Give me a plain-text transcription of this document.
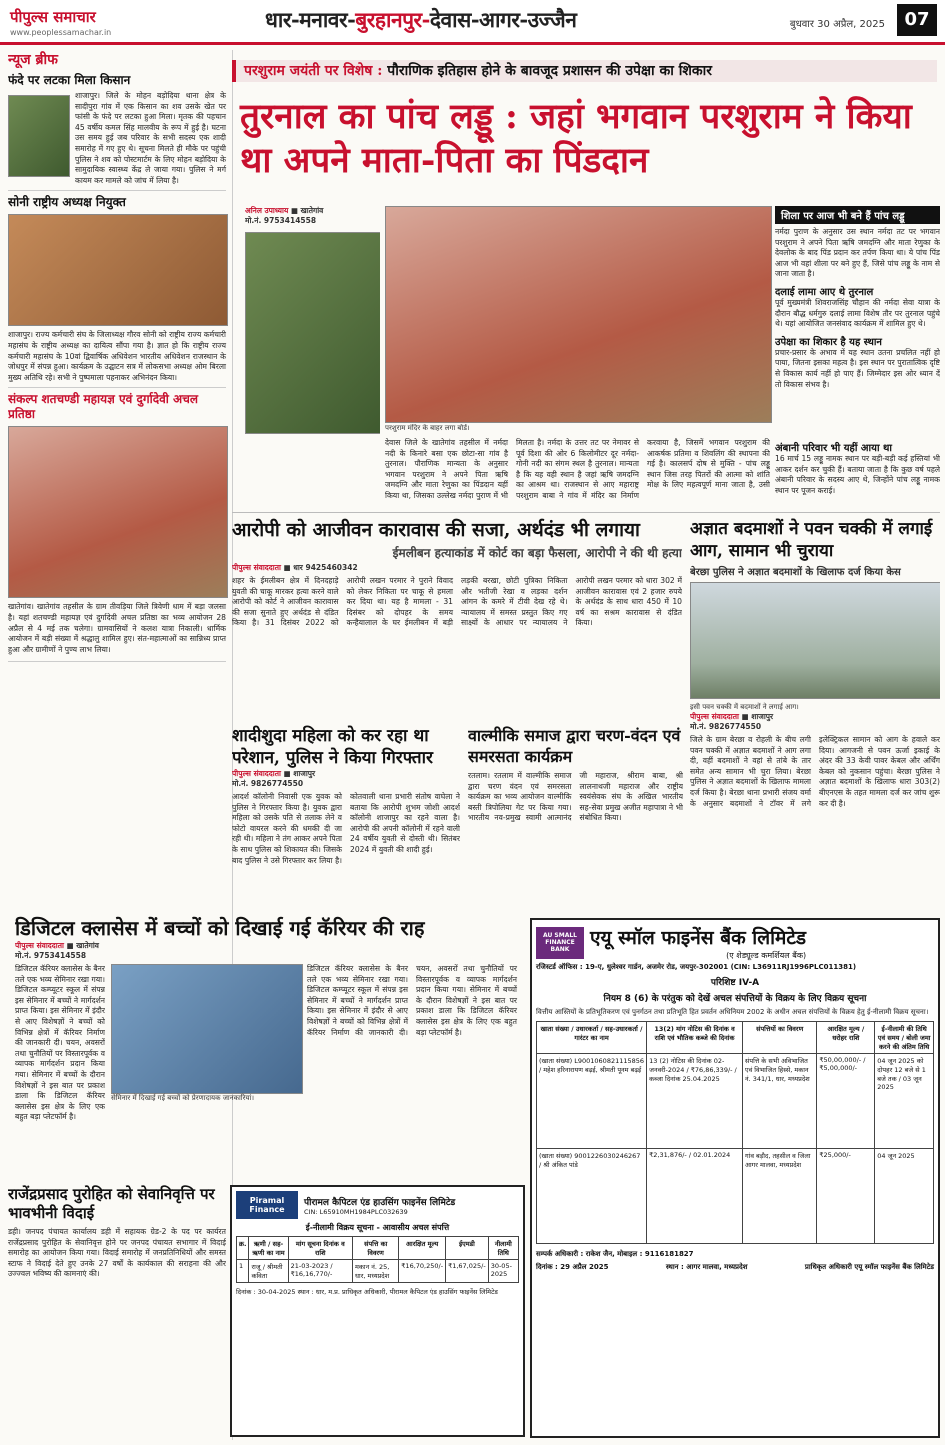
पीपुल्स समाचार
www.peoplessamachar.in
धार-मनावर-बुरहानपुर-देवास-आगर-उज्जैन	बुधवार 30 अप्रैल, 2025	07
न्यूज ब्रीफ
फंदे पर लटका मिला किसान
शाजापुर। जिले के मोहन बड़ोदिया थाना क्षेत्र के सादीपुरा गांव में एक किसान का शव उसके खेत पर फांसी के फंदे पर लटका हुआ मिला। मृतक की पहचान 45 वर्षीय कमल सिंह मालवीय के रूप में हुई है। घटना उस समय हुई जब परिवार के सभी सदस्य एक शादी समारोह में गए हुए थे। सूचना मिलते ही मौके पर पहुंची पुलिस ने शव को पोस्टमार्टम के लिए मोहन बड़ोदिया के सामुदायिक स्वास्थ्य केंद्र ले जाया गया। पुलिस ने मर्ग कायम कर मामले को जांच में लिया है।
सोनी राष्ट्रीय अध्यक्ष नियुक्त
शाजापुर। राज्य कर्मचारी संघ के जिलाध्यक्ष गौरव सोनी को राष्ट्रीय राज्य कर्मचारी महासंघ के राष्ट्रीय अध्यक्ष का दायित्व सौंपा गया है। ज्ञात हो कि राष्ट्रीय राज्य कर्मचारी महासंघ के 10वां द्विवार्षिक अधिवेशन भारतीय अधिवेशन राजस्थान के जोधपुर में संपन्न हुआ। कार्यक्रम के उद्घाटन सत्र में लोकसभा अध्यक्ष ओम बिरला मुख्य अतिथि रहे। सभी ने पुष्पमाला पहनाकर अभिनंदन किया।
संकल्प शतचण्डी महायज्ञ एवं दुर्गादेवी अचल प्रतिष्ठा
खातेगांव। खातेगांव तहसील के ग्राम तीवड़िया जिले त्रिवेणी धाम में बड़ा जलसा है। यहां शतचण्डी महायज्ञ एवं दुर्गादेवी अचल प्रतिष्ठा का भव्य आयोजन 28 अप्रैल से 4 मई तक चलेगा। ग्रामवासियों ने कलश यात्रा निकाली। धार्मिक आयोजन में बड़ी संख्या में श्रद्धालु शामिल हुए। संत-महात्माओं का सान्निध्य प्राप्त हुआ और ग्रामीणों ने पुण्य लाभ लिया।
राजेंद्रप्रसाद पुरोहित को सेवानिवृत्ति पर भावभीनी विदाई
डही। जनपद पंचायत कार्यालय डही में सहायक ग्रेड-2 के पद पर कार्यरत राजेंद्रप्रसाद पुरोहित के सेवानिवृत्त होने पर जनपद पंचायत सभागार में विदाई समारोह का आयोजन किया गया। विदाई समारोह में जनप्रतिनिधियों और समस्त स्टाफ ने विदाई देते हुए उनके 27 वर्षों के कार्यकाल की सराहना की और उज्ज्वल भविष्य की कामनाएं की।
परशुराम जयंती पर विशेष : पौराणिक इतिहास होने के बावजूद प्रशासन की उपेक्षा का शिकार
तुरनाल का पांच लड्डू : जहां भगवान परशुराम ने किया था अपने माता-पिता का पिंडदान
अनिल उपाध्याय ■ खातेगांव
मो.नं. 9753414558
परशुराम मंदिर के बाहर लगा बोर्ड।
देवास जिले के खातेगांव तहसील में नर्मदा नदी के किनारे बसा एक छोटा-सा गांव है तुरनाल। पौराणिक मान्यता के अनुसार भगवान परशुराम ने अपने पिता ऋषि जमदग्नि और माता रेणुका का पिंडदान यहीं किया था, जिसका उल्लेख नर्मदा पुराण में भी मिलता है। नर्मदा के उत्तर तट पर नेमावर से पूर्व दिशा की ओर 6 किलोमीटर दूर नर्मदा-गोनी नदी का संगम स्थल है तुरनाल। मान्यता है कि यह वही स्थान है जहां ऋषि जमदग्नि का आश्रम था। राजस्थान से आए महाराष्ट्र परशुराम बाबा ने गांव में मंदिर का निर्माण करवाया है, जिसमें भगवान परशुराम की आकर्षक प्रतिमा व शिवलिंग की स्थापना की गई है। कालसर्प दोष से मुक्ति - पांच लड्डू स्थान जिस तरह पितरों की आत्मा को शांति मोक्ष के लिए महत्वपूर्ण माना जाता है, उसी
शिला पर आज भी बने हैं पांच लड्डू
नर्मदा पुराण के अनुसार उस स्थान नर्मदा तट पर भगवान परशुराम ने अपने पिता ऋषि जमदग्नि और माता रेणुका के देवलोक के बाद पिंड प्रदान कर तर्पण किया था। ये पांच पिंड आज भी वहां शीला पर बने हुए हैं, जिसे पांच लड्डू के नाम से जाना जाता है।
दलाई लामा आए थे तुरनाल
पूर्व मुख्यमंत्री शिवराजसिंह चौहान की नर्मदा सेवा यात्रा के दौरान बौद्ध धर्मगुरु दलाई लामा विशेष तौर पर तुरनाल पहुंचे थे। यहां आयोजित जनसंवाद कार्यक्रम में शामिल हुए थे।
उपेक्षा का शिकार है यह स्थान
प्रचार-प्रसार के अभाव में यह स्थान उतना प्रचलित नहीं हो पाया, जितना इसका महत्व है। इस स्थान पर पुरातात्विक दृष्टि से विकास कार्य नहीं हो पाए हैं। जिम्मेदार इस ओर ध्यान दें तो विकास संभव है।
अंबानी परिवार भी यहीं आया था
16 मार्च 15 लड्डू नामक स्थान पर बड़ी-बड़ी कई हस्तियां भी आकर दर्शन कर चुकी हैं। बताया जाता है कि कुछ वर्ष पहले अंबानी परिवार के सदस्य आए थे, जिन्होंने पांच लड्डू नामक स्थान पर पूजन कराई।
आरोपी को आजीवन कारावास की सजा, अर्थदंड भी लगाया
ईमलीबन हत्याकांड में कोर्ट का बड़ा फैसला, आरोपी ने की थी हत्या
पीपुल्स संवाददाता ■ धार 9425460342
शहर के ईमलीबन क्षेत्र में दिनदहाड़े युवती की चाकू मारकर हत्या करने वाले आरोपी को कोर्ट ने आजीवन कारावास की सजा सुनाते हुए अर्थदंड से दंडित किया है। 31 दिसंबर 2022 को आरोपी लखन परमार ने पुराने विवाद को लेकर निकिता पर चाकू से हमला कर दिया था। यह है मामला - 31 दिसंबर को दोपहर के समय कन्हैयालाल के घर ईमलीबन में बड़ी लड़की बरखा, छोटी पुत्रिका निकिता और भतीजी रेखा व लड़का दर्शन आंगन के कमरे में टीवी देख रहे थे। न्यायालय में समस्त प्रस्तुत किए गए साक्ष्यों के आधार पर न्यायालय ने आरोपी लखन परमार को धारा 302 में आजीवन कारावास एवं 2 हजार रुपये के अर्थदंड के साथ धारा 450 में 10 वर्ष का सश्रम कारावास से दंडित किया।
अज्ञात बदमाशों ने पवन चक्की में लगाई आग, सामान भी चुराया
बेरछा पुलिस ने अज्ञात बदमाशों के खिलाफ दर्ज किया केस
इसी पवन चक्की में बदमाशों ने लगाई आग।
पीपुल्स संवाददाता ■ शाजापुर
मो.नं. 9826774550
जिले के ग्राम बेरछा व रोहली के बीच लगी पवन चक्की में अज्ञात बदमाशों ने आग लगा दी, वहीं बदमाशों ने वहां से तांबे के तार समेत अन्य सामान भी चुरा लिया। बेरछा पुलिस ने अज्ञात बदमाशों के खिलाफ मामला दर्ज किया है। बेरछा थाना प्रभारी संजय वर्मा के अनुसार बदमाशों ने टॉवर में लगे इलेक्ट्रिकल सामान को आग के हवाले कर दिया। आगजनी से पवन ऊर्जा इकाई के अंदर की 33 केवी पावर केबल और अर्थिंग केबल को नुकसान पहुंचा। बेरछा पुलिस ने अज्ञात बदमाशों के खिलाफ धारा 303(2) बीएनएस के तहत मामला दर्ज कर जांच शुरू कर दी है।
शादीशुदा महिला को कर रहा था परेशान, पुलिस ने किया गिरफ्तार
पीपुल्स संवाददाता ■ शाजापुर
मो.नं. 9826774550
आदर्श कॉलोनी निवासी एक युवक को पुलिस ने गिरफ्तार किया है। युवक द्वारा महिला को उसके पति से तलाक लेने व फोटो वायरल करने की धमकी दी जा रही थी। महिला ने तंग आकर अपने पिता के साथ पुलिस को शिकायत की। जिसके बाद पुलिस ने उसे गिरफ्तार कर लिया है। कोतवाली थाना प्रभारी संतोष वाघेला ने बताया कि आरोपी शुभम जोशी आदर्श कॉलोनी शाजापुर का रहने वाला है। आरोपी की अपनी कॉलोनी में रहने वाली 24 वर्षीय युवती से दोस्ती थी। सितंबर 2024 में युवती की शादी हुई।
वाल्मीकि समाज द्वारा चरण-वंदन एवं समरसता कार्यक्रम
रतलाम। रतलाम में वाल्मीकि समाज द्वारा चरण वंदन एवं समरसता कार्यक्रम का भव्य आयोजन वाल्मीकि बस्ती त्रिपोलिया गेट पर किया गया। भारतीय नव-प्रमुख स्वामी आत्मानंद जी महाराज, श्रीराम बाबा, श्री लालनाथजी महाराज और राष्ट्रीय स्वयंसेवक संघ के अखिल भारतीय सह-सेवा प्रमुख अजीत महापात्रा ने भी संबोधित किया।
डिजिटल क्लासेस में बच्चों को दिखाई गई कॅरियर की राह
पीपुल्स संवाददाता ■ खातेगांव
मो.नं. 9753414558
डिजिटल कॅरियर क्लासेस के बैनर तले एक भव्य सेमिनार रखा गया। डिजिटल कम्प्यूटर स्कूल में संपन्न इस सेमिनार में बच्चों ने मार्गदर्शन प्राप्त किया। इस सेमिनार में इंदौर से आए विशेषज्ञों ने बच्चों को विभिन्न क्षेत्रों में कॅरियर निर्माण की जानकारी दी। चयन, अवसरों तथा चुनौतियों पर विस्तारपूर्वक व व्यापक मार्गदर्शन प्रदान किया गया। सेमिनार में बच्चों के दौरान विशेषज्ञों ने इस बात पर प्रकाश डाला कि डिजिटल कॅरियर क्लासेस इस क्षेत्र के लिए एक बहुत बड़ा प्लेटफॉर्म है।
सेमिनार में दिखाई गई बच्चों को प्रेरणादायक जानकारियां।
डिजिटल कॅरियर क्लासेस के बैनर तले एक भव्य सेमिनार रखा गया। डिजिटल कम्प्यूटर स्कूल में संपन्न इस सेमिनार में बच्चों ने मार्गदर्शन प्राप्त किया। इस सेमिनार में इंदौर से आए विशेषज्ञों ने बच्चों को विभिन्न क्षेत्रों में कॅरियर निर्माण की जानकारी दी। चयन, अवसरों तथा चुनौतियों पर विस्तारपूर्वक व व्यापक मार्गदर्शन प्रदान किया गया। सेमिनार में बच्चों के दौरान विशेषज्ञों ने इस बात पर प्रकाश डाला कि डिजिटल कॅरियर क्लासेस इस क्षेत्र के लिए एक बहुत बड़ा प्लेटफॉर्म है।
Piramal Finance
पीरामल कैपिटल एंड हाउसिंग फाइनेंस लिमिटेड
CIN: L65910MH1984PLC032639
ई-नीलामी विक्रय सूचना - आवासीय अचल संपत्ति
क्र.	ऋणी / सह-ऋणी का नाम	मांग सूचना दिनांक व राशि	संपत्ति का विवरण	आरक्षित मूल्य	ईएमडी	नीलामी तिथि
1	राजू / श्रीमती कविता	21-03-2023 / ₹16,16,770/-	मकान नं. 25, धार, मध्यप्रदेश	₹16,70,250/-	₹1,67,025/-	30-05-2025
दिनांक : 30-04-2025 स्थान : धार, म.प्र. प्राधिकृत अधिकारी, पीरामल कैपिटल एंड हाउसिंग फाइनेंस लिमिटेड
AU SMALL FINANCE BANK
एयू स्मॉल फाइनेंस बैंक लिमिटेड
(ए शेड्यूल्ड कमर्शियल बैंक)
रजिस्टर्ड ऑफिस : 19-ए, धुलेश्वर गार्डन, अजमेर रोड, जयपुर-302001 (CIN: L36911RJ1996PLC011381)
परिशिष्ट IV-A
नियम 8 (6) के परंतुक को देखें अचल संपत्तियों के विक्रय के लिए विक्रय सूचना
वित्तीय आस्तियों के प्रतिभूतिकरण एवं पुनर्गठन तथा प्रतिभूति हित प्रवर्तन अधिनियम 2002 के अधीन अचल संपत्तियों के विक्रय हेतु ई-नीलामी विक्रय सूचना।
खाता संख्या / उधारकर्ता / सह-उधारकर्ता / गारंटर का नाम	13(2) मांग नोटिस की दिनांक व राशि एवं भौतिक कब्जे की दिनांक	संपत्तियों का विवरण	आरक्षित मूल्य / धरोहर राशि	ई-नीलामी की तिथि एवं समय / बोली जमा करने की अंतिम तिथि
(खाता संख्या) L9001060821115856 / महेश हरिनारायण बढ़ई, श्रीमती पूनम बढ़ई	13 (2) नोटिस की दिनांक 02-जनवरी-2024 / ₹76,86,339/- / कब्जा दिनांक 25.04.2025	संपत्ति के सभी अविभाजित एवं विभाजित हिस्से, मकान नं. 341/1, धार, मध्यप्रदेश	₹50,00,000/- / ₹5,00,000/-	04 जून 2025 को दोपहर 12 बजे से 1 बजे तक / 03 जून 2025
(खाता संख्या) 9001226030246267 / श्री अंकित पांडे	₹2,31,876/- / 02.01.2024	गांव बड़ौद, तहसील व जिला आगर मालवा, मध्यप्रदेश	₹25,000/-	04 जून 2025
सम्पर्क अधिकारी : राकेश जैन, मोबाइल : 9116181827
दिनांक : 29 अप्रैल 2025	स्थान : आगर मालवा, मध्यप्रदेश	प्राधिकृत अधिकारी एयू स्मॉल फाइनेंस बैंक लिमिटेड
